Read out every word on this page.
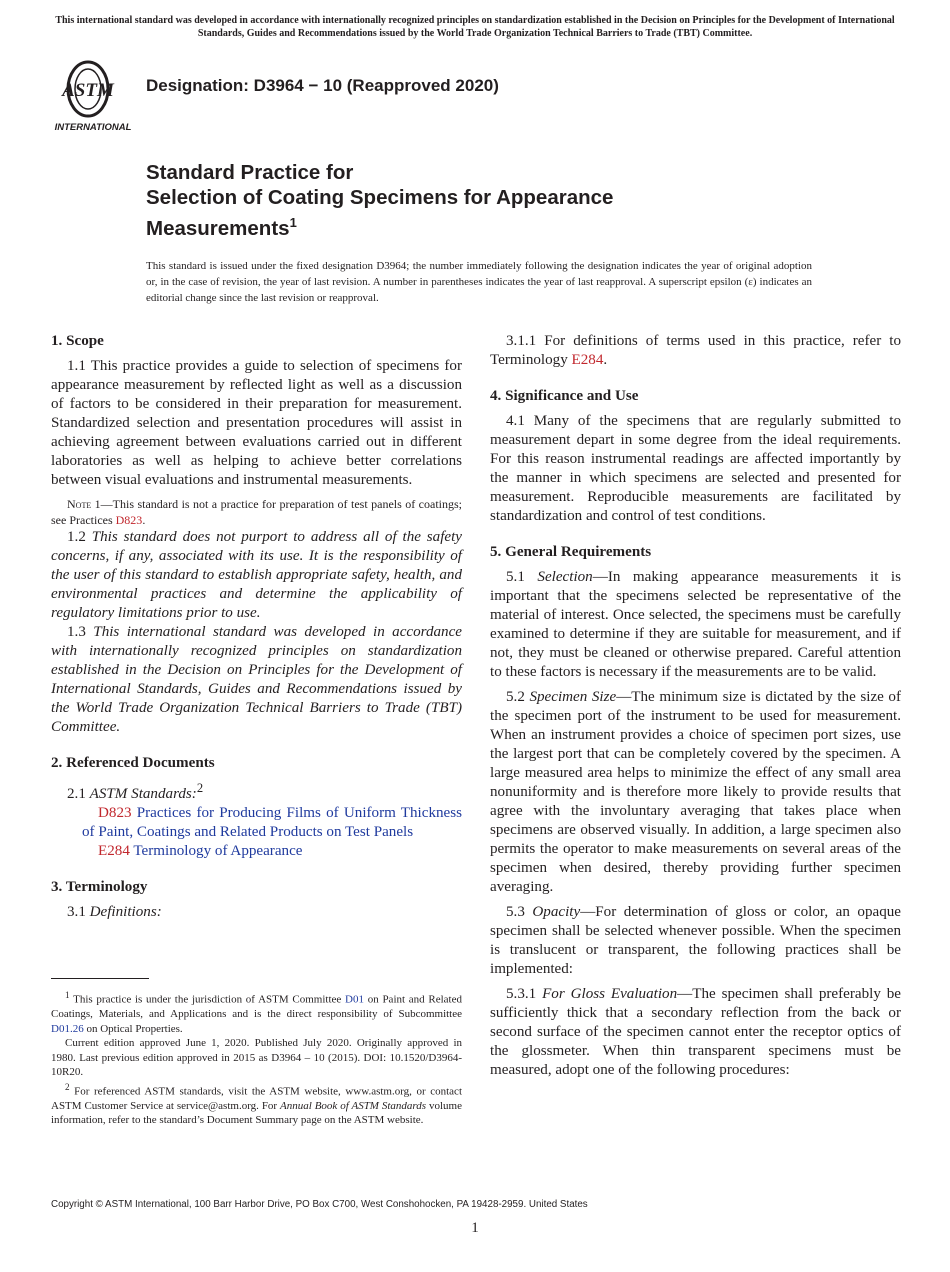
This international standard was developed in accordance with internationally recognized principles on standardization established in the Decision on Principles for the Development of International Standards, Guides and Recommendations issued by the World Trade Organization Technical Barriers to Trade (TBT) Committee.
ASTM
INTERNATIONAL
Designation: D3964 − 10 (Reapproved 2020)
Standard Practice for
Selection of Coating Specimens for Appearance
Measurements$^1$
This standard is issued under the fixed designation D3964; the number immediately following the designation indicates the year of original adoption or, in the case of revision, the year of last revision. A number in parentheses indicates the year of last reapproval. A superscript epsilon (ε) indicates an editorial change since the last revision or reapproval.
1. Scope

1.1 This practice provides a guide to selection of specimens for appearance measurement by reflected light as well as a discussion of factors to be considered in their preparation for measurement. Standardized selection and presentation procedures will assist in achieving agreement between evaluations carried out in different laboratories as well as helping to achieve better correlations between visual evaluations and instrumental measurements.

Note 1—This standard is not a practice for preparation of test panels of coatings; see Practices D823.

1.2 This standard does not purport to address all of the safety concerns, if any, associated with its use. It is the responsibility of the user of this standard to establish appropriate safety, health, and environmental practices and determine the applicability of regulatory limitations prior to use.

1.3 This international standard was developed in accordance with internationally recognized principles on standardization established in the Decision on Principles for the Development of International Standards, Guides and Recommendations issued by the World Trade Organization Technical Barriers to Trade (TBT) Committee.

2. Referenced Documents

2.1 ASTM Standards:$^2$

D823 Practices for Producing Films of Uniform Thickness of Paint, Coatings and Related Products on Test Panels

E284 Terminology of Appearance

3. Terminology

3.1 Definitions:

$^1$ This practice is under the jurisdiction of ASTM Committee D01 on Paint and Related Coatings, Materials, and Applications and is the direct responsibility of Subcommittee D01.26 on Optical Properties.

Current edition approved June 1, 2020. Published July 2020. Originally approved in 1980. Last previous edition approved in 2015 as D3964 – 10 (2015). DOI: 10.1520/D3964-10R20.

$^2$ For referenced ASTM standards, visit the ASTM website, www.astm.org, or contact ASTM Customer Service at service@astm.org. For Annual Book of ASTM Standards volume information, refer to the standard’s Document Summary page on the ASTM website.

3.1.1 For definitions of terms used in this practice, refer to Terminology E284.

4. Significance and Use

4.1 Many of the specimens that are regularly submitted to measurement depart in some degree from the ideal requirements. For this reason instrumental readings are affected importantly by the manner in which specimens are selected and presented for measurement. Reproducible measurements are facilitated by standardization and control of test conditions.

5. General Requirements

5.1 Selection—In making appearance measurements it is important that the specimens selected be representative of the material of interest. Once selected, the specimens must be carefully examined to determine if they are suitable for measurement, and if not, they must be cleaned or otherwise prepared. Careful attention to these factors is necessary if the measurements are to be valid.

5.2 Specimen Size—The minimum size is dictated by the size of the specimen port of the instrument to be used for measurement. When an instrument provides a choice of specimen port sizes, use the largest port that can be completely covered by the specimen. A large measured area helps to minimize the effect of any small area nonuniformity and is therefore more likely to provide results that agree with the involuntary averaging that takes place when specimens are observed visually. In addition, a large specimen also permits the operator to make measurements on several areas of the specimen when desired, thereby providing further specimen averaging.

5.3 Opacity—For determination of gloss or color, an opaque specimen shall be selected whenever possible. When the specimen is translucent or transparent, the following practices shall be implemented:

5.3.1 For Gloss Evaluation—The specimen shall preferably be sufficiently thick that a secondary reflection from the back or second surface of the specimen cannot enter the receptor optics of the glossmeter. When thin transparent specimens must be measured, adopt one of the following procedures:

Copyright © ASTM International, 100 Barr Harbor Drive, PO Box C700, West Conshohocken, PA 19428-2959. United States
1
